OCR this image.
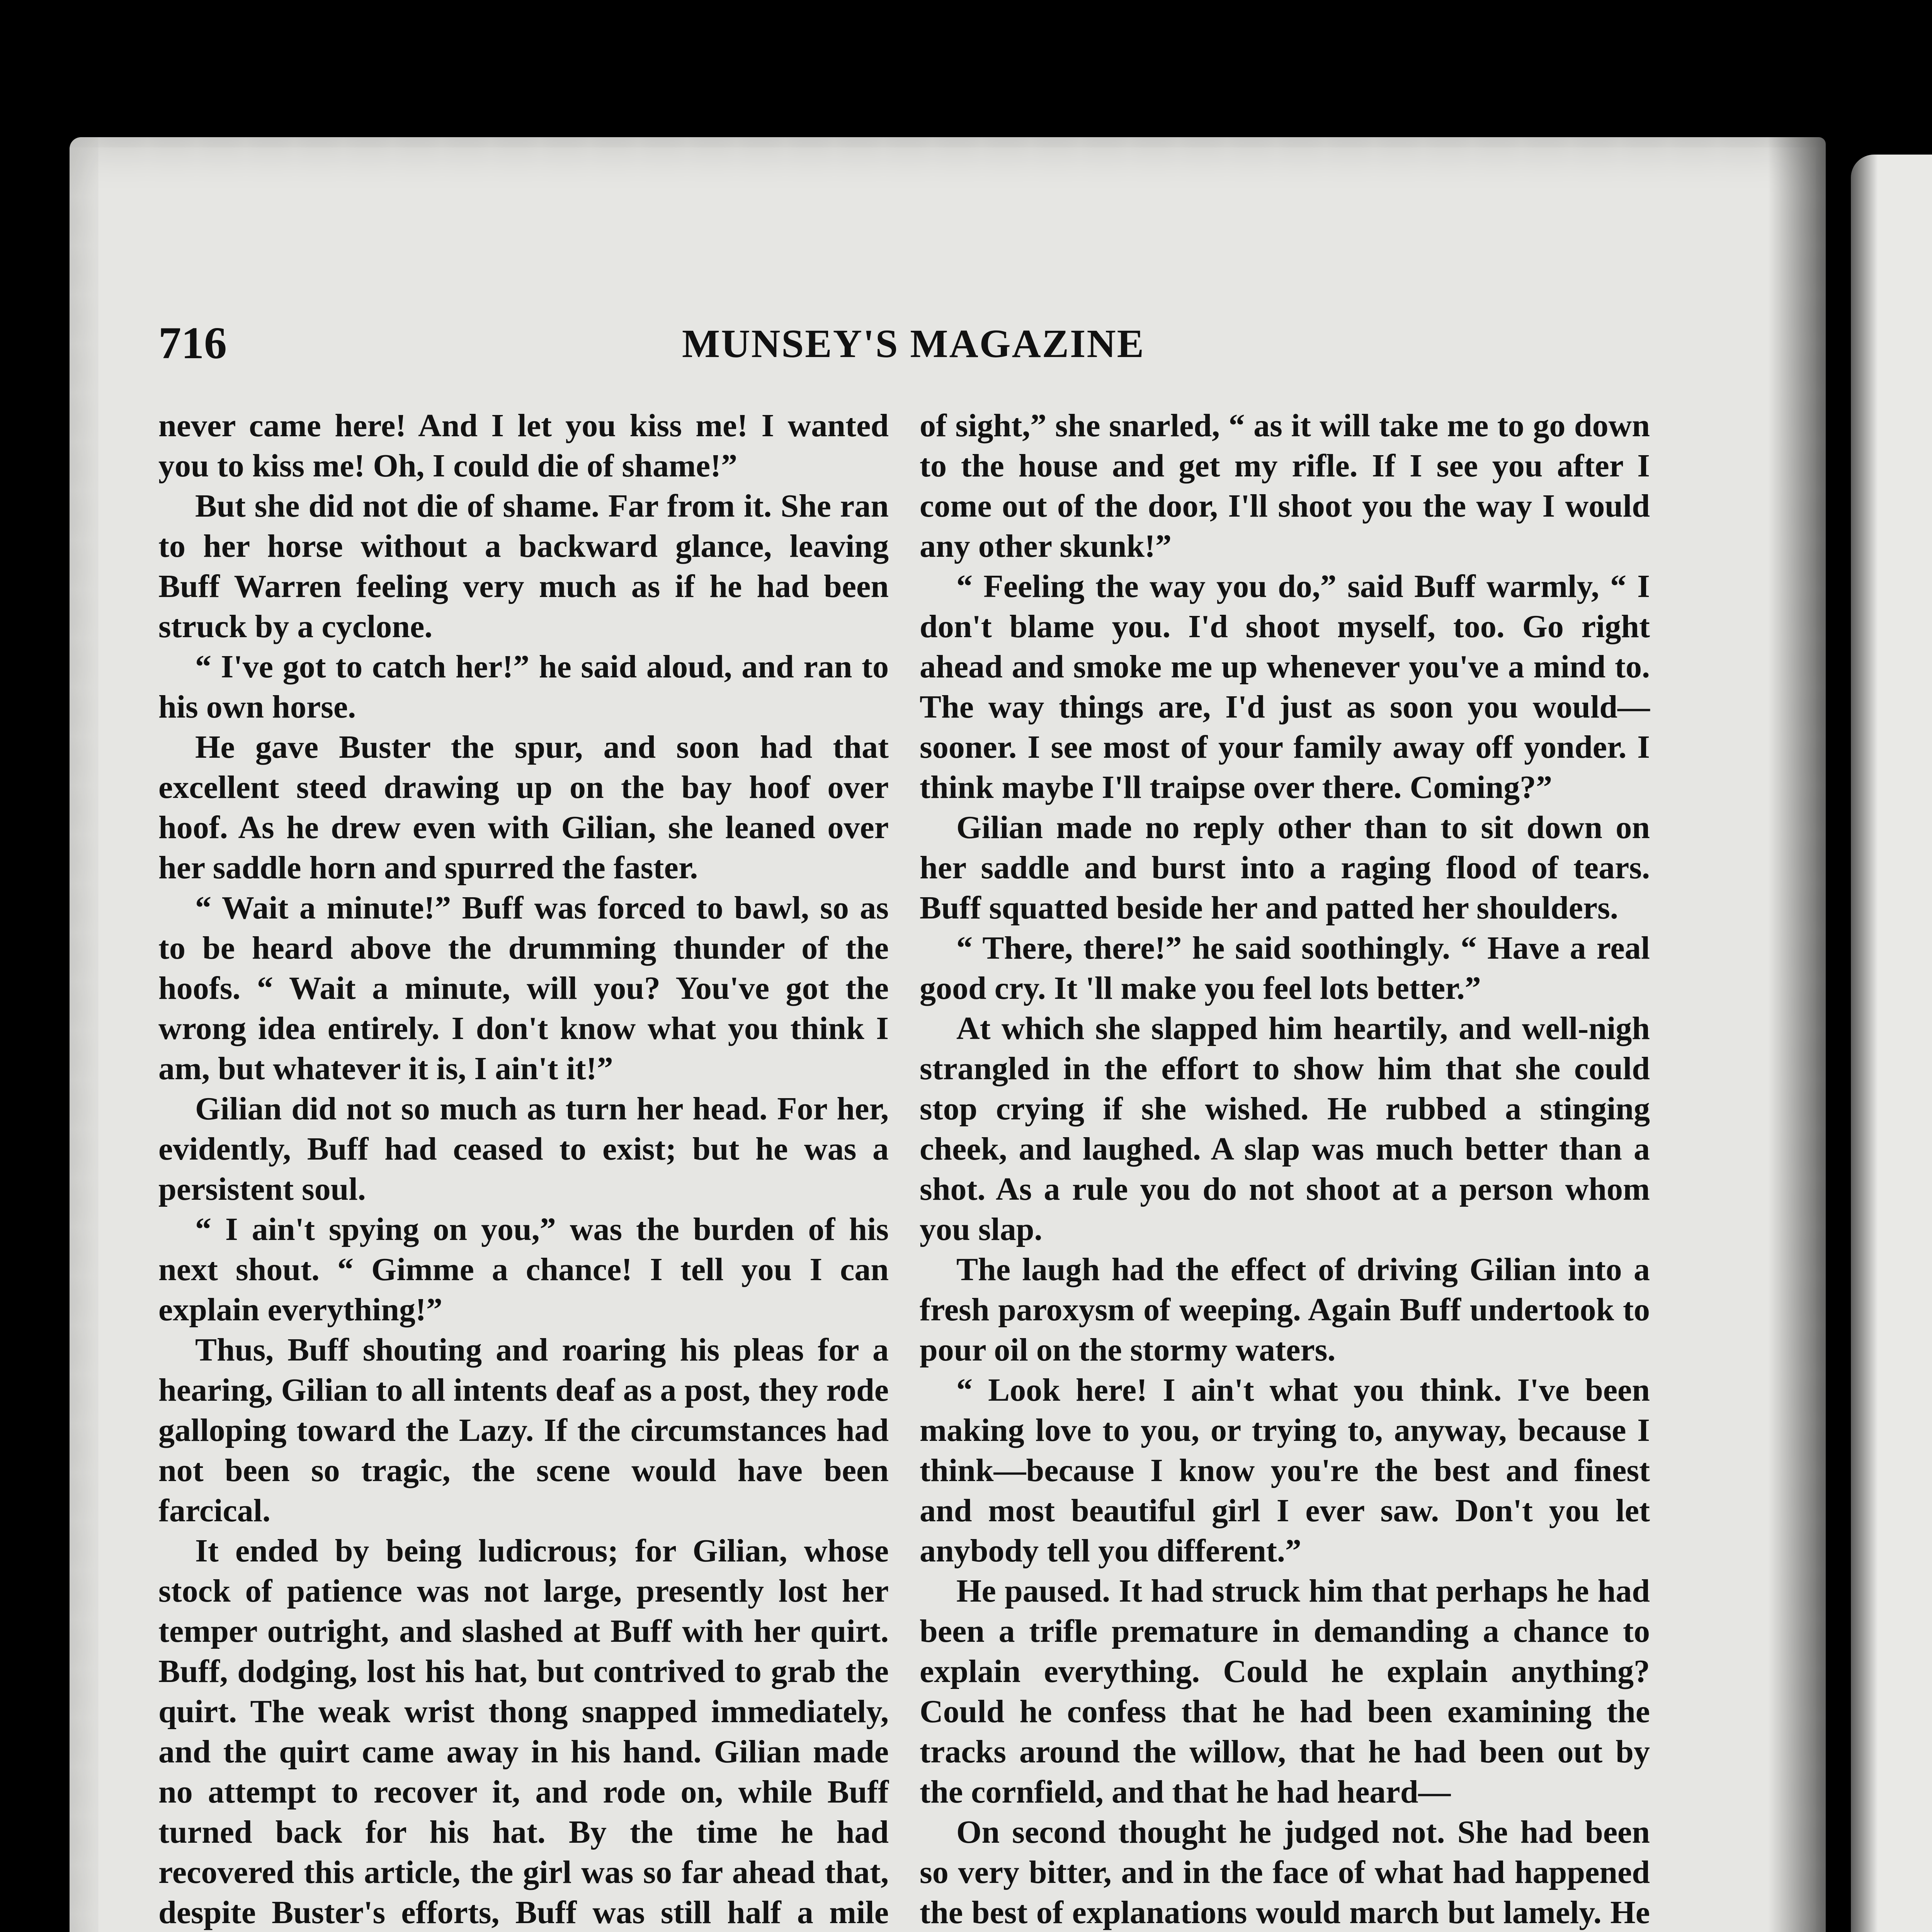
716	MUNSEY'S MAGAZINE

never came here! And I let you kiss me! I wanted you to kiss me! Oh, I could die of shame!”

But she did not die of shame. Far from it. She ran to her horse without a backward glance, leaving Buff Warren feeling very much as if he had been struck by a cyclone.

“ I've got to catch her!” he said aloud, and ran to his own horse.

He gave Buster the spur, and soon had that excellent steed drawing up on the bay hoof over hoof. As he drew even with Gilian, she leaned over her saddle horn and spurred the faster.

“ Wait a minute!” Buff was forced to bawl, so as to be heard above the drumming thunder of the hoofs. “ Wait a minute, will you? You've got the wrong idea entirely. I don't know what you think I am, but whatever it is, I ain't it!”

Gilian did not so much as turn her head. For her, evidently, Buff had ceased to exist; but he was a persistent soul.

“ I ain't spying on you,” was the burden of his next shout. “ Gimme a chance! I tell you I can explain everything!”

Thus, Buff shouting and roaring his pleas for a hearing, Gilian to all intents deaf as a post, they rode galloping toward the Lazy. If the circumstances had not been so tragic, the scene would have been farcical.

It ended by being ludicrous; for Gilian, whose stock of patience was not large, presently lost her temper outright, and slashed at Buff with her quirt. Buff, dodging, lost his hat, but contrived to grab the quirt. The weak wrist thong snapped immediately, and the quirt came away in his hand. Gilian made no attempt to recover it, and rode on, while Buff turned back for his hat. By the time he had recovered this article, the girl was so far ahead that, despite Buster's efforts, Buff was still half a mile

of sight,” she snarled, “ as it will take me to go down to the house and get my rifle. If I see you after I come out of the door, I'll shoot you the way I would any other skunk!”

“ Feeling the way you do,” said Buff warmly, “ I don't blame you. I'd shoot myself, too. Go right ahead and smoke me up whenever you've a mind to. The way things are, I'd just as soon you would—sooner. I see most of your family away off yonder. I think maybe I'll traipse over there. Coming?”

Gilian made no reply other than to sit down on her saddle and burst into a raging flood of tears. Buff squatted beside her and patted her shoulders.

“ There, there!” he said soothingly. “ Have a real good cry. It 'll make you feel lots better.”

At which she slapped him heartily, and well-nigh strangled in the effort to show him that she could stop crying if she wished. He rubbed a stinging cheek, and laughed. A slap was much better than a shot. As a rule you do not shoot at a person whom you slap.

The laugh had the effect of driving Gilian into a fresh paroxysm of weeping. Again Buff undertook to pour oil on the stormy waters.

“ Look here! I ain't what you think. I've been making love to you, or trying to, anyway, because I think—because I know you're the best and finest and most beautiful girl I ever saw. Don't you let anybody tell you different.”

He paused. It had struck him that perhaps he had been a trifle premature in demanding a chance to explain everything. Could he explain anything? Could he confess that he had been examining the tracks around the willow, that he had been out by the cornfield, and that he had heard—

On second thought he judged not. She had been so very bitter, and in the face of what had happened the best of explanations would march but lamely. He
